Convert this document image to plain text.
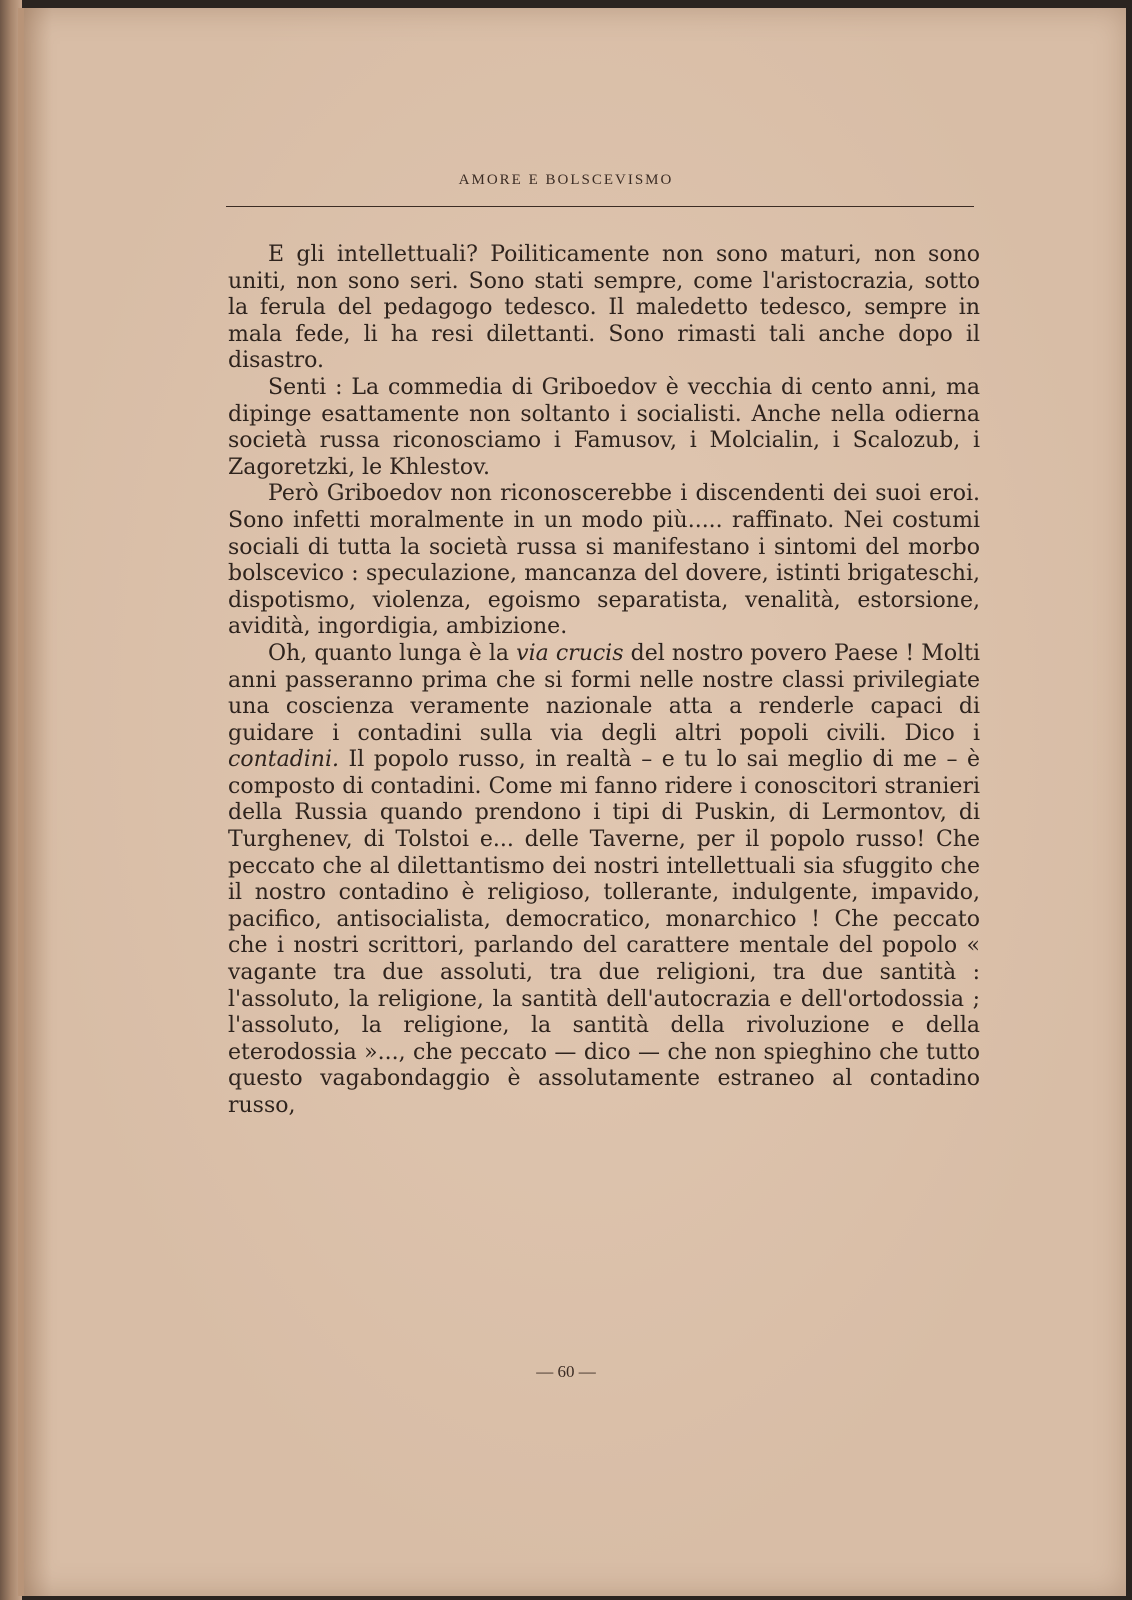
AMORE E BOLSCEVISMO

E gli intellettuali? Poiliticamente non sono maturi, non sono uniti, non sono seri. Sono stati sempre, come l'aristocrazia, sotto la ferula del pedagogo tedesco. Il maledetto tedesco, sempre in mala fede, li ha resi dilettanti. Sono rimasti tali anche dopo il disastro.

Senti : La commedia di Griboedov è vecchia di cento anni, ma dipinge esattamente non soltanto i socialisti. Anche nella odierna società russa riconosciamo i Famusov, i Molcialin, i Scalozub, i Zagoretzki, le Khlestov.

Però Griboedov non riconoscerebbe i discendenti dei suoi eroi. Sono infetti moralmente in un modo più..... raffinato. Nei costumi sociali di tutta la società russa si manifestano i sintomi del morbo bolscevico : speculazione, mancanza del dovere, istinti brigateschi, dispotismo, violenza, egoismo separatista, venalità, estorsione, avidità, ingordigia, ambizione.

Oh, quanto lunga è la via crucis del nostro povero Paese ! Molti anni passeranno prima che si formi nelle nostre classi privilegiate una coscienza veramente nazionale atta a renderle capaci di guidare i contadini sulla via degli altri popoli civili. Dico i contadini. Il popolo russo, in realtà – e tu lo sai meglio di me – è composto di contadini. Come mi fanno ridere i conoscitori stranieri della Russia quando prendono i tipi di Puskin, di Lermontov, di Turghenev, di Tolstoi e... delle Taverne, per il popolo russo! Che peccato che al dilettantismo dei nostri intellettuali sia sfuggito che il nostro contadino è religioso, tollerante, indulgente, impavido, pacifico, antisocialista, democratico, monarchico ! Che peccato che i nostri scrittori, parlando del carattere mentale del popolo « vagante tra due assoluti, tra due religioni, tra due santità : l'assoluto, la religione, la santità dell'autocrazia e dell'ortodossia ; l'assoluto, la religione, la santità della rivoluzione e della eterodossia »..., che peccato — dico — che non spieghino che tutto questo vagabondaggio è assolutamente estraneo al contadino russo,

— 60 —
